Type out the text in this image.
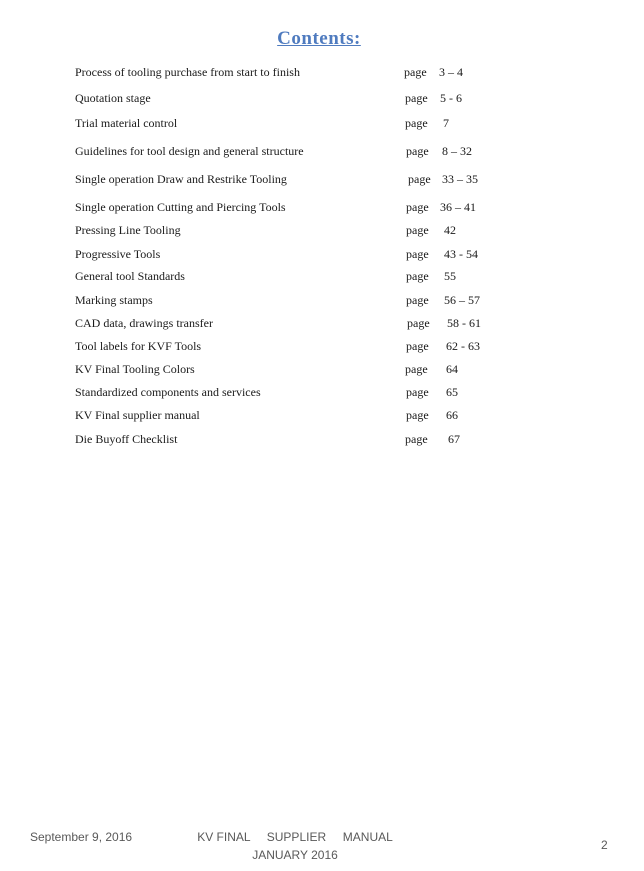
Contents:
Process of tooling purchase from start to finish	page 3 – 4
Quotation stage	page 5 - 6
Trial material control	page 7
Guidelines for tool design and general structure	page 8 – 32
Single operation Draw and Restrike Tooling	page 33 – 35
Single operation Cutting and Piercing Tools	page 36 – 41
Pressing Line Tooling	page 42
Progressive Tools	page 43 - 54
General tool Standards	page 55
Marking stamps	page 56 – 57
CAD data, drawings transfer	page 58 - 61
Tool labels for KVF Tools	page 62 - 63
KV Final Tooling Colors	page 64
Standardized components and services	page 65
KV Final supplier manual	page 66
Die Buyoff Checklist	page 67
September 9, 2016	KV FINAL     SUPPLIER     MANUAL
JANUARY 2016
2
